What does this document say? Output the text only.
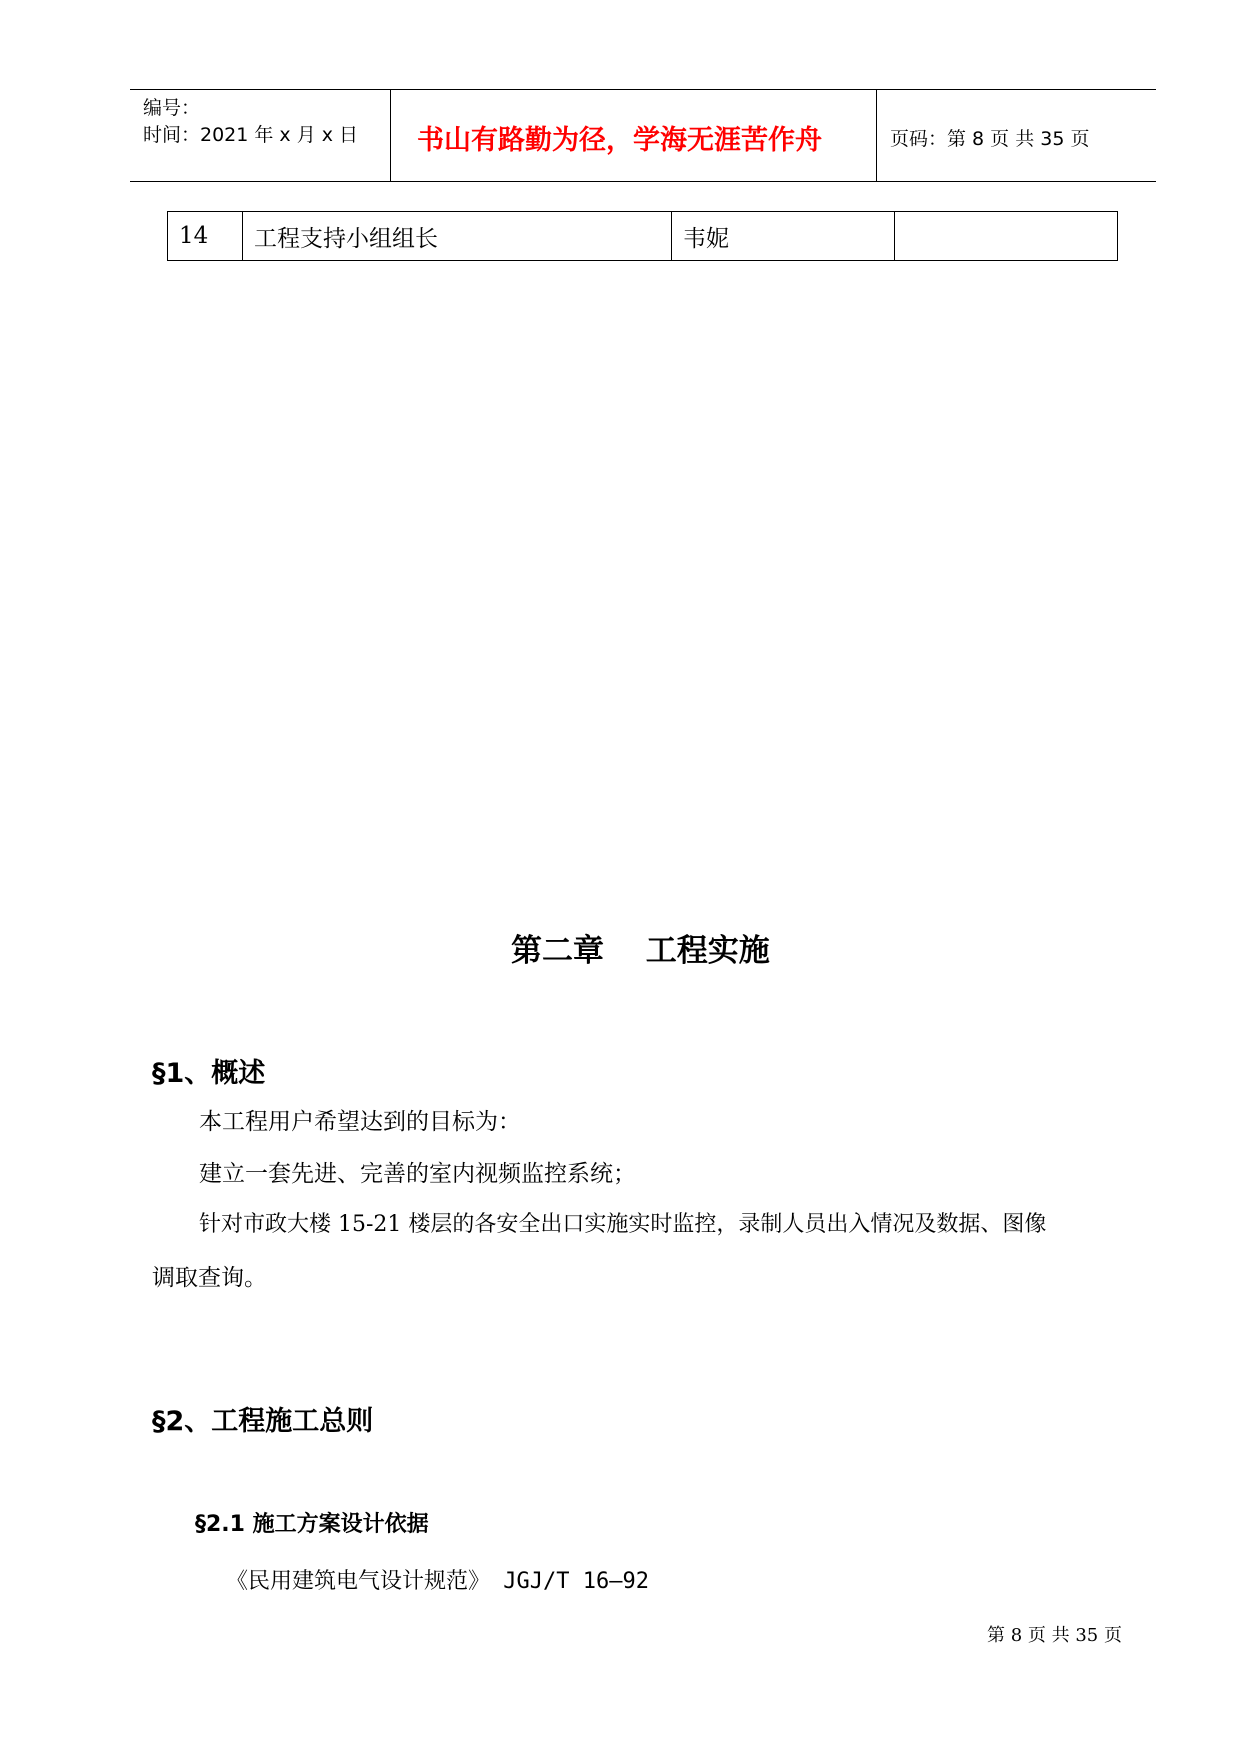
编号：
时间：2021 年 x 月 x 日 书山有路勤为径，学海无涯苦作舟	页码：第 8 页 共 35 页
14	工程支持小组组长	韦妮	
第二章　 工程实施
§1、概述
本工程用户希望达到的目标为：
建立一套先进、完善的室内视频监控系统；
针对市政大楼 15-21 楼层的各安全出口实施实时监控，录制人员出入情况及数据、图像
调取查询。
§2、工程施工总则
§2.1 施工方案设计依据
《民用建筑电气设计规范》 JGJ/T 16—92
第 8 页 共 35 页
